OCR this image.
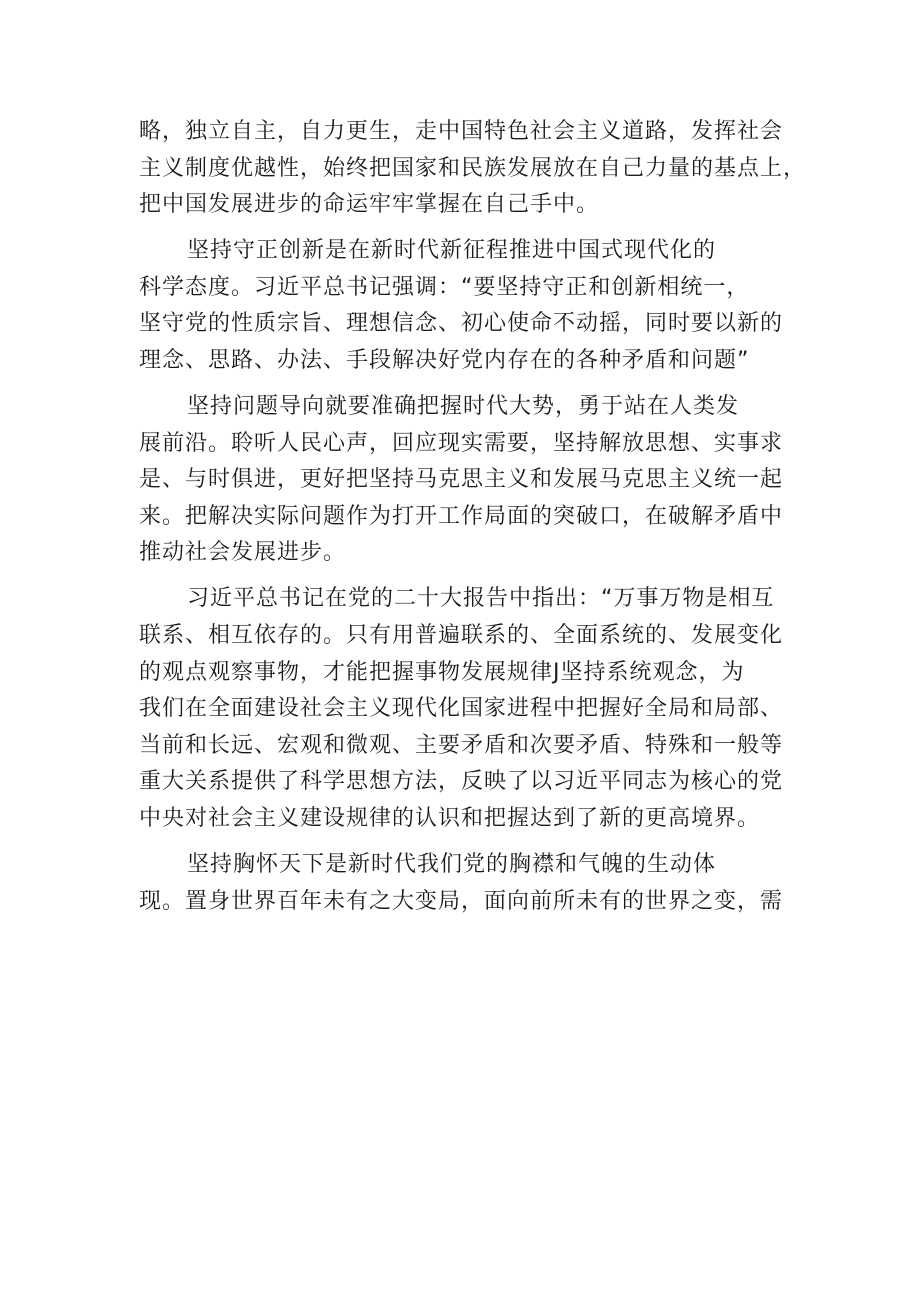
略，独立自主，自力更生，走中国特色社会主义道路，发挥社会
主义制度优越性，始终把国家和民族发展放在自己力量的基点上，
把中国发展进步的命运牢牢掌握在自己手中。
坚持守正创新是在新时代新征程推进中国式现代化的
科学态度。习近平总书记强调：“要坚持守正和创新相统一，
坚守党的性质宗旨、理想信念、初心使命不动摇，同时要以新的
理念、思路、办法、手段解决好党内存在的各种矛盾和问题”
坚持问题导向就要准确把握时代大势，勇于站在人类发
展前沿。聆听人民心声，回应现实需要，坚持解放思想、实事求
是、与时俱进，更好把坚持马克思主义和发展马克思主义统一起
来。把解决实际问题作为打开工作局面的突破口，在破解矛盾中
推动社会发展进步。
习近平总书记在党的二十大报告中指出：“万事万物是相互
联系、相互依存的。只有用普遍联系的、全面系统的、发展变化
的观点观察事物，才能把握事物发展规律J坚持系统观念，为
我们在全面建设社会主义现代化国家进程中把握好全局和局部、
当前和长远、宏观和微观、主要矛盾和次要矛盾、特殊和一般等
重大关系提供了科学思想方法，反映了以习近平同志为核心的党
中央对社会主义建设规律的认识和把握达到了新的更高境界。
坚持胸怀天下是新时代我们党的胸襟和气魄的生动体
现。置身世界百年未有之大变局，面向前所未有的世界之变，需
